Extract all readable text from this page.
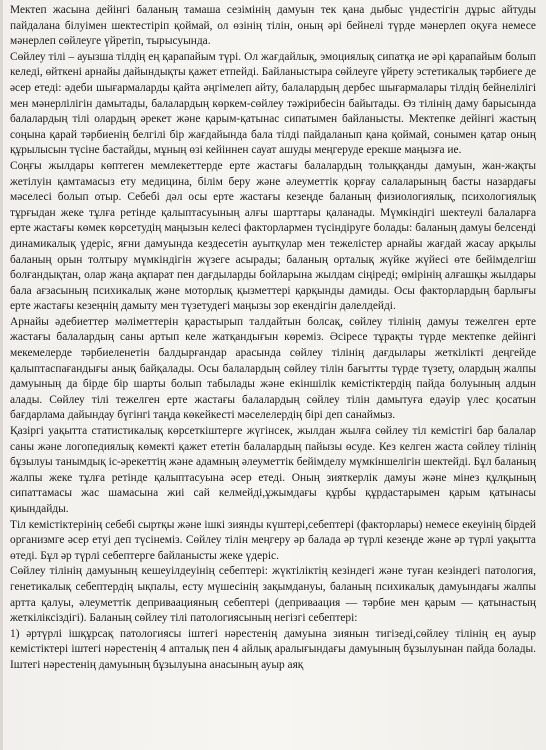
Мектеп жасына дейінгі баланың тамаша сезімінің дамуын тек қана дыбыс үндестігін дұрыс айтуды пайдалана білуімен шектестіріп қоймай, ол өзінің тілін, оның әрі бейнелі түрде мәнерлеп оқуға немесе мәнерлеп сөйлеуге үйретіп, тырысуында.

Сөйлеу тілі – ауызша тілдің ең қарапайым түрі. Ол жағдайлық, эмоциялық сипатқа ие әрі қарапайым болып келеді, өйткені арнайы дайындықты қажет етпейді. Байланыстыра сөйлеуге үйрету эстетикалық тәрбиеге де әсер етеді: әдеби шығармаларды қайта әңгімелеп айту, балалардың дербес шығармалары тілдің бейнелілігі мен мәнерлілігін дамытады, балалардың көркем-сөйлеу тәжірибесін байытады. Өз тілінің даму барысында балалардың тілі олардың әрекет және қарым-қатынас сипатымен байланысты. Мектепке дейінгі жастың соңына қарай тәрбиенің белгілі бір жағдайында бала тілді пайдаланып қана қоймай, сонымен қатар оның құрылысын түсіне бастайды, мұның өзі кейіннен сауат ашуды меңгеруде ерекше маңызға ие.

Соңғы жылдары көптеген мемлекеттерде ерте жастағы балалардың толыққанды дамуын, жан-жақты жетілуін қамтамасыз ету медицина, білім беру және әлеуметтік қорғау салаларының басты назардағы мәселесі болып отыр. Себебі дәл осы ерте жастағы кезеңде баланың физиологиялық, психологиялық тұрғыдан жеке тұлға ретінде қалыптасуының алғы шарттары қаланады. Мүмкіндігі шектеулі балаларға ерте жастағы көмек көрсетудің маңызын келесі факторлармен түсіндіруге болады: баланың дамуы белсенді динамикалық үдеріс, яғни дамуында кездесетін ауытқулар мен тежелістер арнайы жағдай жасау арқылы баланың орын толтыру мүмкіндігін жүзеге асырады; баланың орталық жүйке жүйесі өте бейімделгіш болғандықтан, олар жаңа ақпарат пен дағдыларды бойларына жылдам сіңіреді; өмірінің алғашқы жылдары бала ағзасының психикалық және моторлық қызметтері қарқынды дамиды. Осы факторлардың барлығы ерте жастағы кезеңнің дамыту мен түзетудегі маңызы зор екендігін дәлелдейді.

Арнайы әдебиеттер мәліметтерін қарастырып талдайтын болсақ, сөйлеу тілінің дамуы тежелген ерте жастағы балалардың саны артып келе жатқандығын көреміз. Әсіресе тұрақты түрде мектепке дейінгі мекемелерде тәрбиеленетін балдырғандар арасында сөйлеу тілінің дағдылары жеткілікті деңгейде қалыптаспағандығы анық байқалады. Осы балалардың сөйлеу тілін бағытты түрде түзету, олардың жалпы дамуының да бірде бір шарты болып табылады және екіншілік кемістіктердің пайда болуының алдын алады. Сөйлеу тілі тежелген ерте жастағы балалардың сөйлеу тілін дамытуға едәуір үлес қосатын бағдарлама дайындау бүгінгі таңда көкейкесті мәселелердің бірі деп санаймыз.

Қазіргі уақытта статистикалық көрсеткіштерге жүгінсек, жылдан жылға сөйлеу тіл кемістігі бар балалар саны және логопедиялық көмекті қажет ететін балалардың пайызы өсуде. Кез келген жаста сөйлеу тілінің бұзылуы танымдық іс-әрекеттің және адамның әлеуметтік бейімделу мүмкіншелігін шектейді. Бұл баланың жалпы жеке тұлға ретінде қалыптасуына әсер етеді. Оның зияткерлік дамуы және мінез құлқының сипаттамасы жас шамасына жиі сай келмейді,ұжымдағы құрбы құрдастарымен қарым қатынасы қиындайды.

Тіл кемістіктерінің себебі сыртқы және ішкі зиянды күштері,себептері (факторлары) немесе екеуінің бірдей организмге әсер етуі деп түсінеміз. Сөйлеу тілін меңгеру әр балада әр түрлі кезеңде және әр түрлі уақытта өтеді. Бұл әр түрлі себептерге байланысты жеке үдеріс.

Сөйлеу тілінің дамуының кешеуілдеуінің себептері: жүктіліктің кезіндегі және туған кезіндегі патология, генетикалық себептердің ықпалы, есту мүшесінің зақымдануы, баланың психикалық дамуындағы жалпы артта қалуы, әлеуметтік деприваацияның себептері (деприваация — тәрбие мен қарым — қатынастың жеткіліксіздігі). Баланың сөйлеу тілі патологиясының негізгі себептері:

1) әртүрлі ішқұрсақ патологиясы іштегі нәрестенің дамуына зиянын тигізеді,сөйлеу тілінің ең ауыр кемістіктері іштегі нәрестенің 4 апталық пен 4 айлық аралығындағы дамуының бұзылуынан пайда болады. Іштегі нәрестенің дамуының бұзылуына анасының ауыр аяқ
